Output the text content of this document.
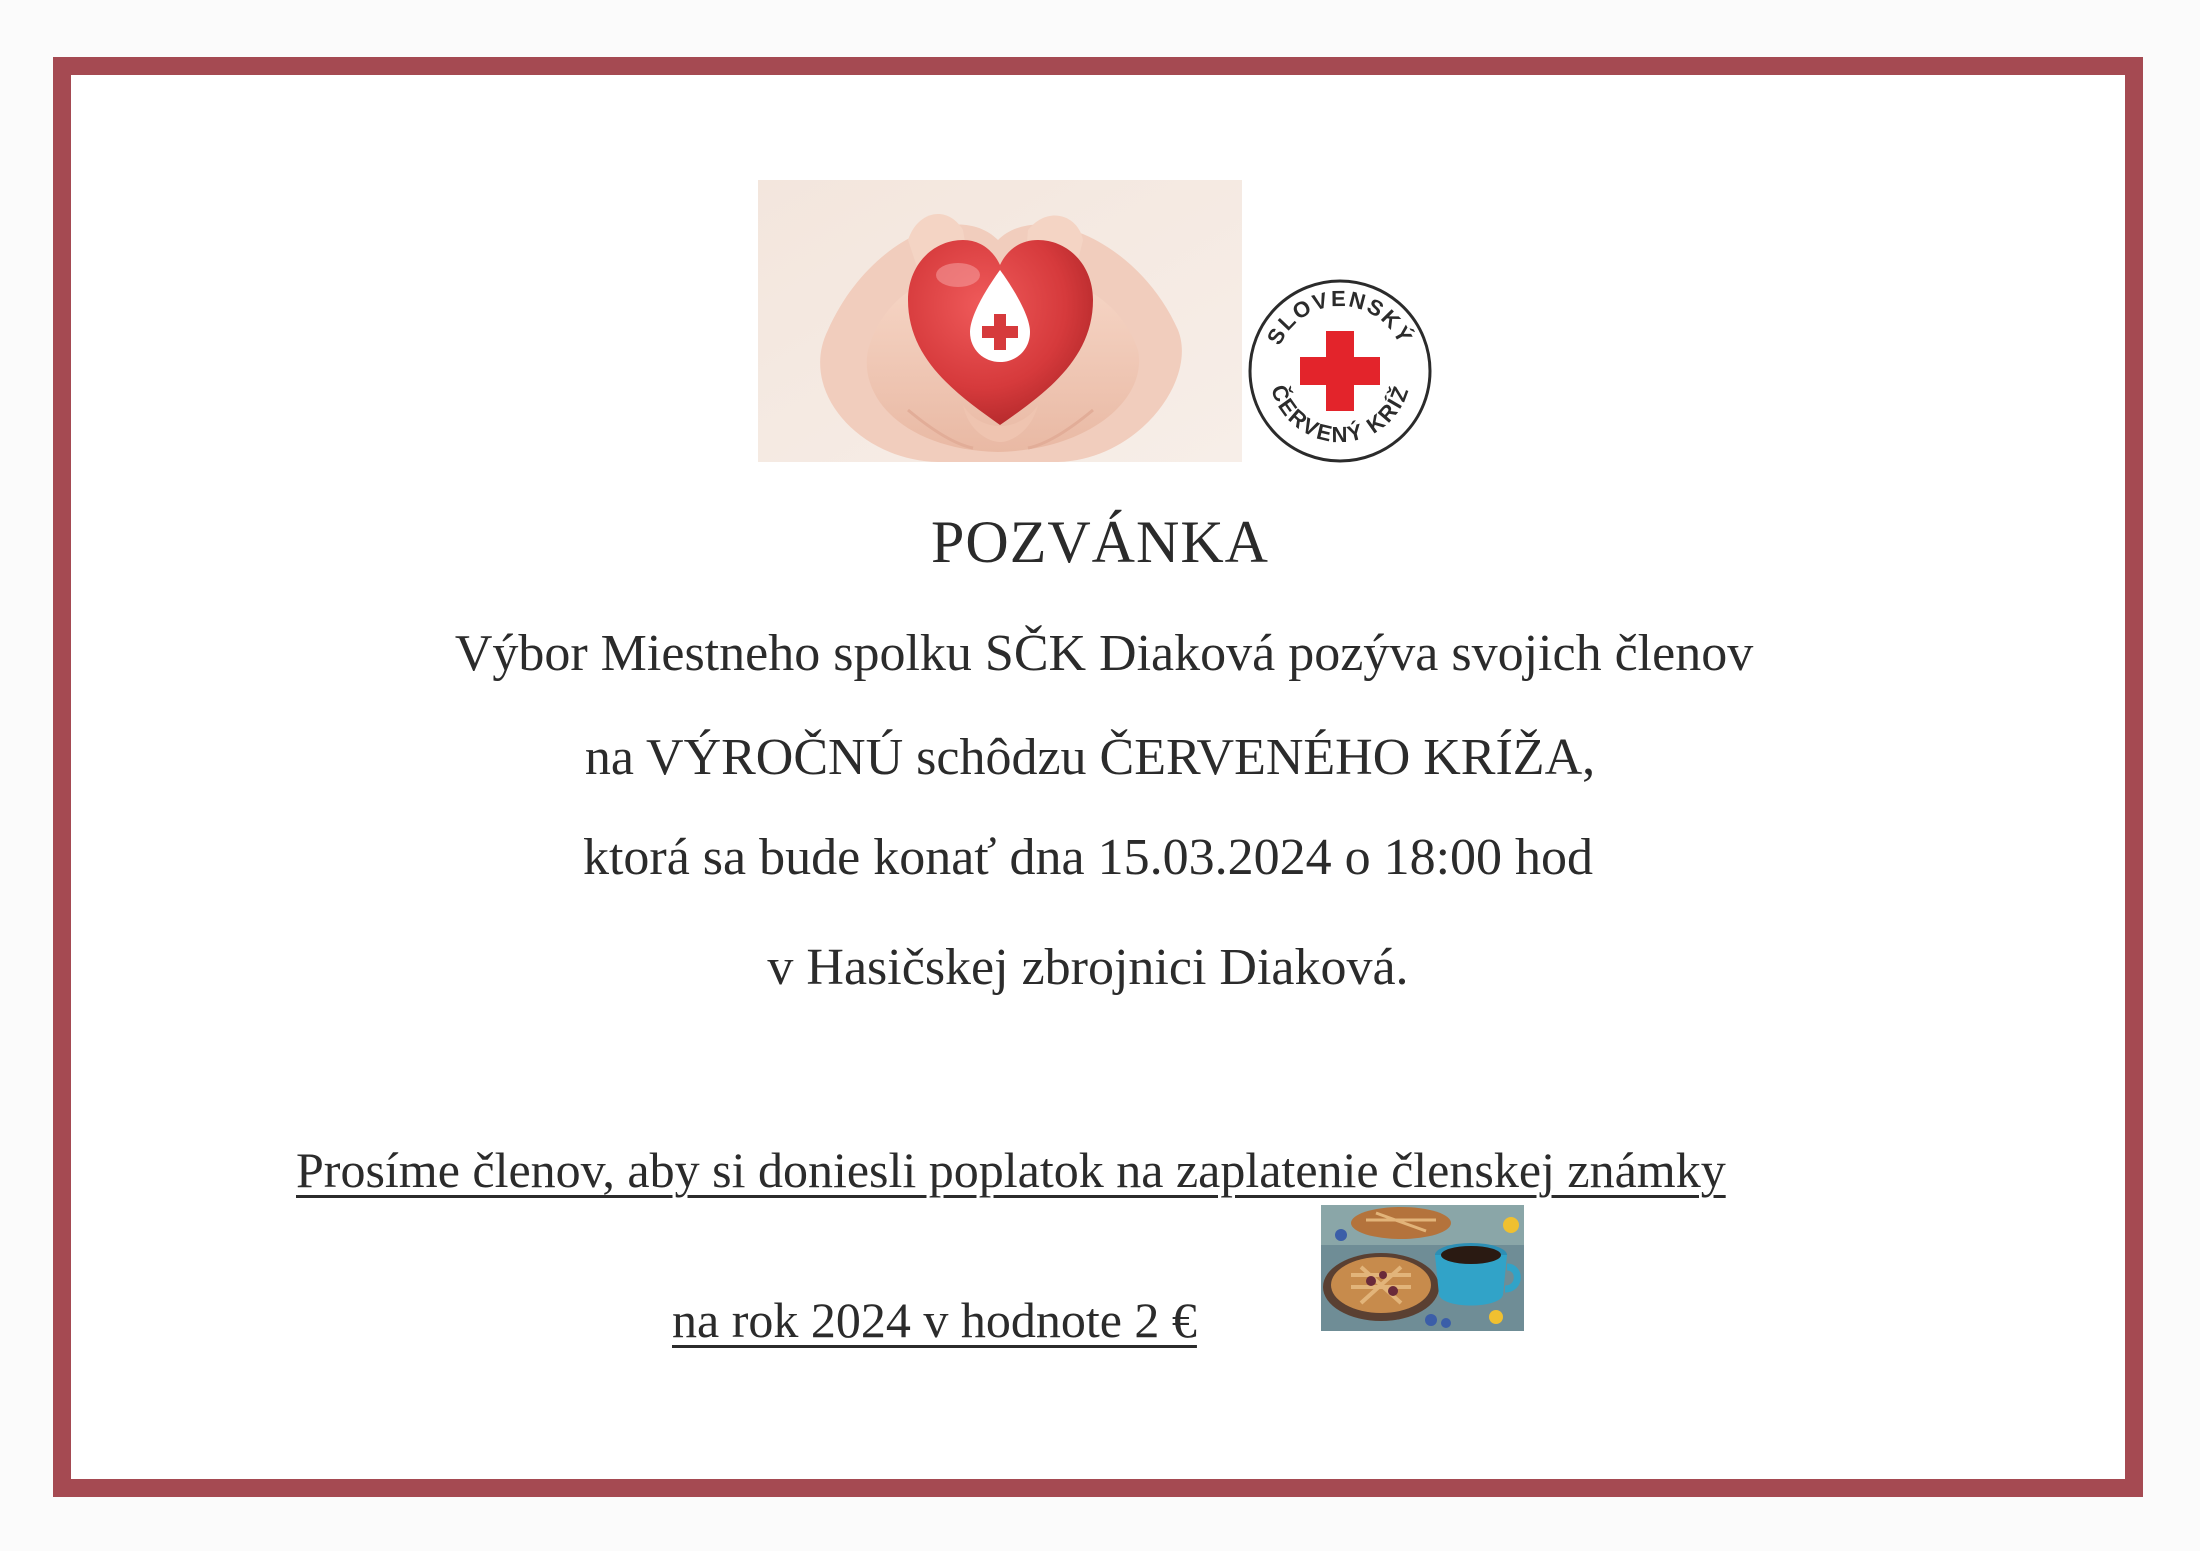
SLOVENSKÝ
ČERVENÝ KRÍŽ
POZVÁNKA
Výbor Miestneho spolku SČK Diaková pozýva svojich členov
na VÝROČNÚ schôdzu ČERVENÉHO KRÍŽA,
ktorá sa bude konať dna 15.03.2024 o 18:00 hod
v Hasičskej zbrojnici Diaková.
Prosíme členov, aby si doniesli poplatok na zaplatenie členskej známky
na rok 2024 v hodnote 2 €
